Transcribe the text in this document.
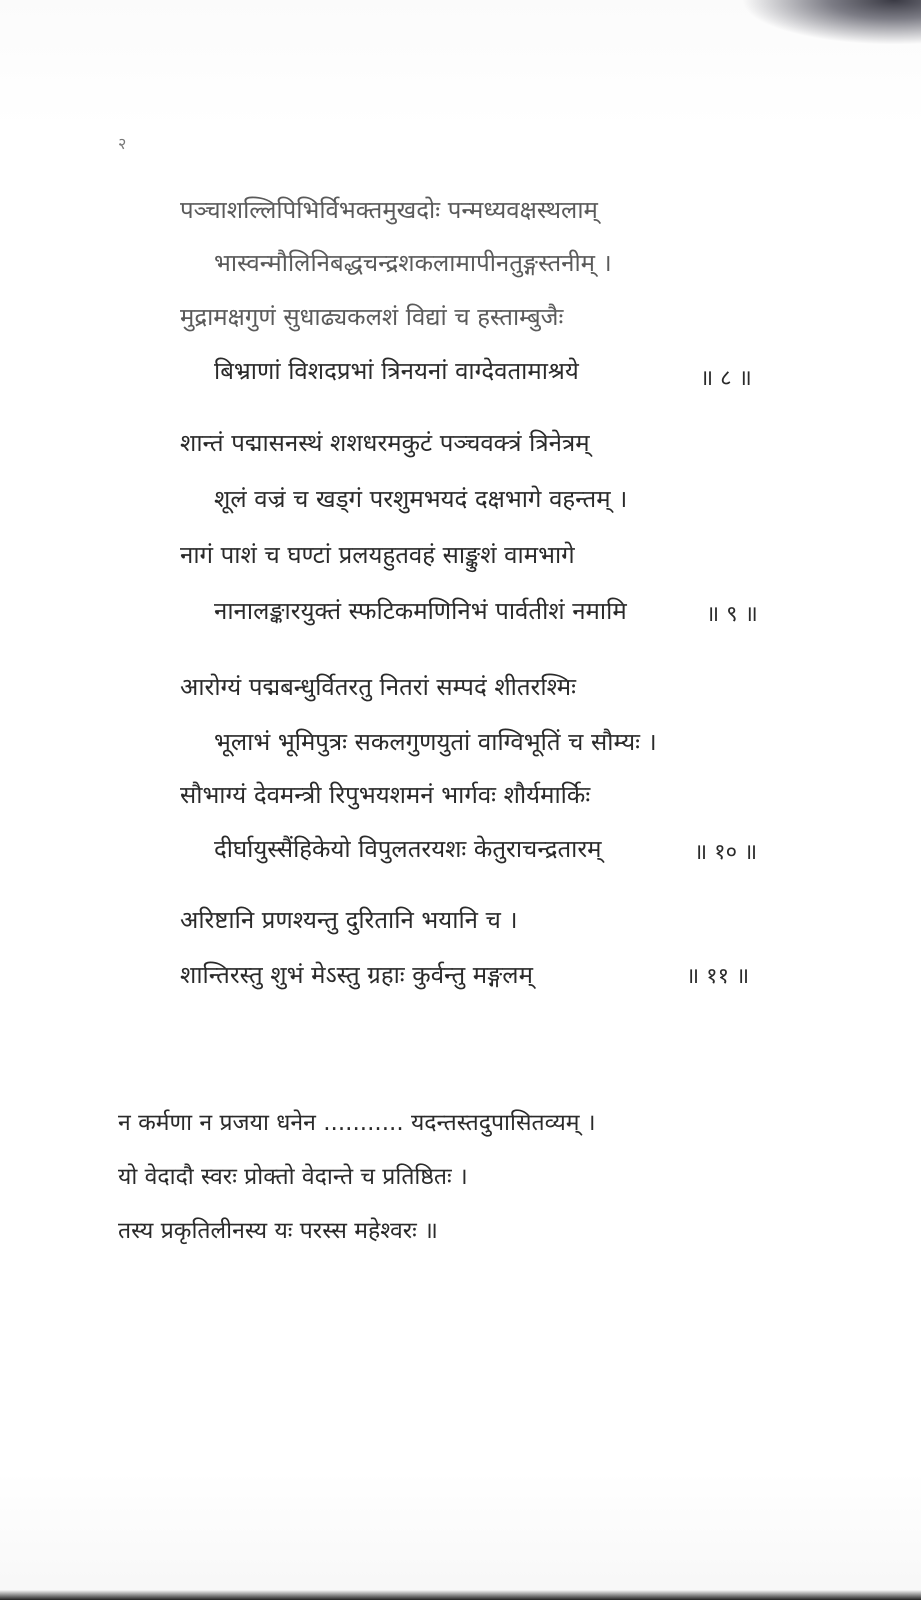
२
पञ्चाशल्लिपिभिर्विभक्तमुखदोः पन्मध्यवक्षस्थलाम्
भास्वन्मौलिनिबद्धचन्द्रशकलामापीनतुङ्गस्तनीम् ।
मुद्रामक्षगुणं सुधाढ्यकलशं विद्यां च हस्ताम्बुजैः
बिभ्राणां विशदप्रभां त्रिनयनां वाग्देवतामाश्रये	॥ ८ ॥
शान्तं पद्मासनस्थं शशधरमकुटं पञ्चवक्त्रं त्रिनेत्रम्
शूलं वज्रं च खड्गं परशुमभयदं दक्षभागे वहन्तम् ।
नागं पाशं च घण्टां प्रलयहुतवहं साङ्कुशं वामभागे
नानालङ्कारयुक्तं स्फटिकमणिनिभं पार्वतीशं नमामि	॥ ९ ॥
आरोग्यं पद्मबन्धुर्वितरतु नितरां सम्पदं शीतरश्मिः
भूलाभं भूमिपुत्रः सकलगुणयुतां वाग्विभूतिं च सौम्यः ।
सौभाग्यं देवमन्त्री रिपुभयशमनं भार्गवः शौर्यमार्किः
दीर्घायुस्सैंहिकेयो विपुलतरयशः केतुराचन्द्रतारम्	॥ १० ॥
अरिष्टानि प्रणश्यन्तु दुरितानि भयानि च ।
शान्तिरस्तु शुभं मेऽस्तु ग्रहाः कुर्वन्तु मङ्गलम्	॥ ११ ॥
न कर्मणा न प्रजया धनेन ........... यदन्तस्तदुपासितव्यम् ।
यो वेदादौ स्वरः प्रोक्तो वेदान्ते च प्रतिष्ठितः ।
तस्य प्रकृतिलीनस्य यः परस्स महेश्वरः ॥
